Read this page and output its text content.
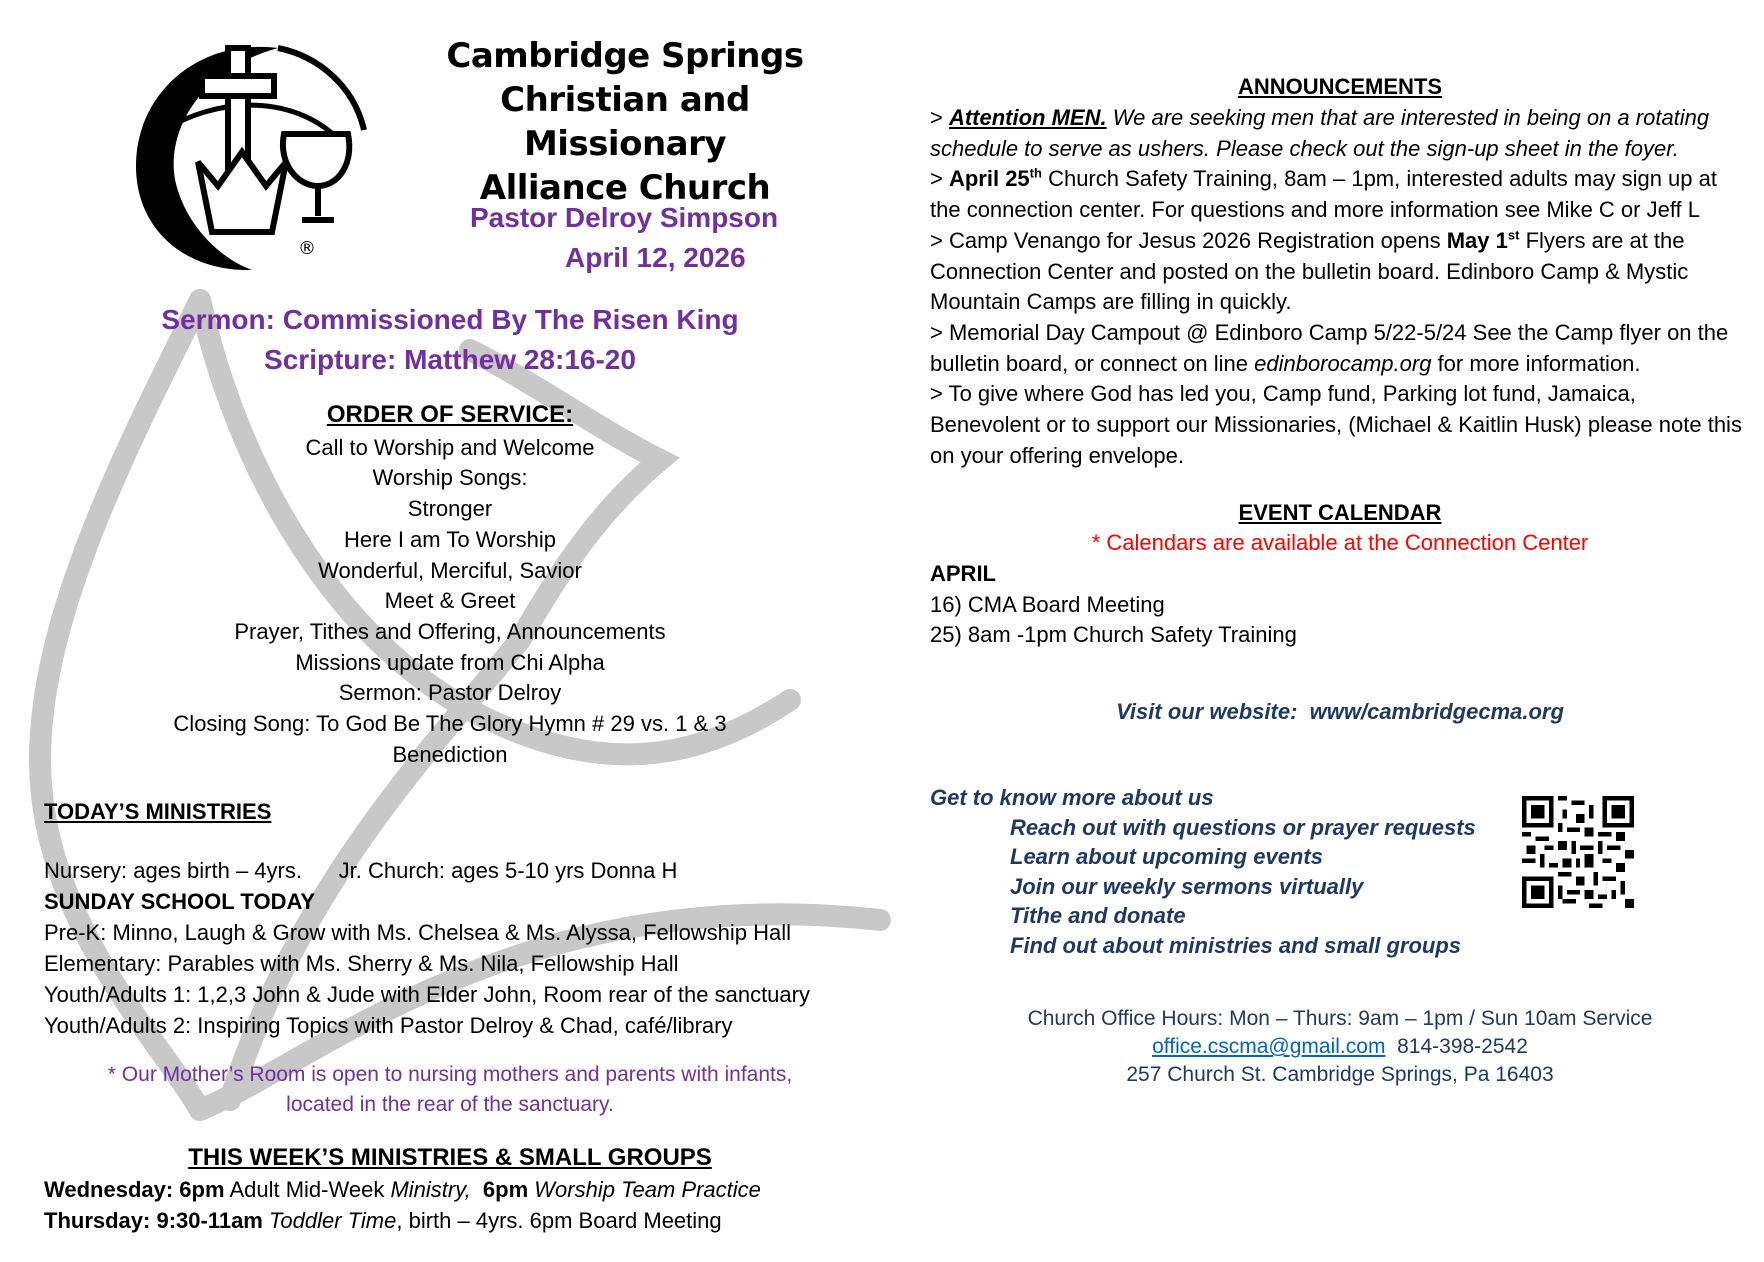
®
Cambridge Springs
Christian and Missionary
Alliance Church
Pastor Delroy Simpson
April 12, 2026
Sermon: Commissioned By The Risen King
Scripture: Matthew 28:16-20
ORDER OF SERVICE:
Call to Worship and Welcome
Worship Songs:
Stronger
Here I am To Worship
Wonderful, Merciful, Savior
Meet & Greet
Prayer, Tithes and Offering, Announcements
Missions update from Chi Alpha
Sermon: Pastor Delroy
Closing Song: To God Be The Glory Hymn # 29 vs. 1 & 3
Benediction
TODAY’S MINISTRIES
Nursery: ages birth – 4yrs.      Jr. Church: ages 5-10 yrs Donna H
SUNDAY SCHOOL TODAY
Pre-K: Minno, Laugh & Grow with Ms. Chelsea & Ms. Alyssa, Fellowship Hall
Elementary: Parables with Ms. Sherry & Ms. Nila, Fellowship Hall
Youth/Adults 1: 1,2,3 John & Jude with Elder John, Room rear of the sanctuary
Youth/Adults 2: Inspiring Topics with Pastor Delroy & Chad, café/library
* Our Mother’s Room is open to nursing mothers and parents with infants,
located in the rear of the sanctuary.
THIS WEEK’S MINISTRIES & SMALL GROUPS
Wednesday: 6pm Adult Mid-Week Ministry,  6pm Worship Team Practice
Thursday: 9:30-11am Toddler Time, birth – 4yrs. 6pm Board Meeting
ANNOUNCEMENTS
> Attention MEN. We are seeking men that are interested in being on a rotating schedule to serve as ushers. Please check out the sign-up sheet in the foyer.
> April 25th Church Safety Training, 8am – 1pm, interested adults may sign up at the connection center. For questions and more information see Mike C or Jeff L
> Camp Venango for Jesus 2026 Registration opens May 1st Flyers are at the Connection Center and posted on the bulletin board. Edinboro Camp & Mystic Mountain Camps are filling in quickly.
> Memorial Day Campout @ Edinboro Camp 5/22-5/24 See the Camp flyer on the bulletin board, or connect on line edinborocamp.org for more information.
> To give where God has led you, Camp fund, Parking lot fund, Jamaica, Benevolent or to support our Missionaries, (Michael & Kaitlin Husk) please note this on your offering envelope.
EVENT CALENDAR
* Calendars are available at the Connection Center
APRIL
16) CMA Board Meeting
25) 8am -1pm Church Safety Training
Visit our website:  www/cambridgecma.org
Get to know more about us
Reach out with questions or prayer requests
Learn about upcoming events
Join our weekly sermons virtually
Tithe and donate
Find out about ministries and small groups
Church Office Hours: Mon – Thurs: 9am – 1pm / Sun 10am Service
office.cscma@gmail.com  814-398-2542
257 Church St. Cambridge Springs, Pa 16403
